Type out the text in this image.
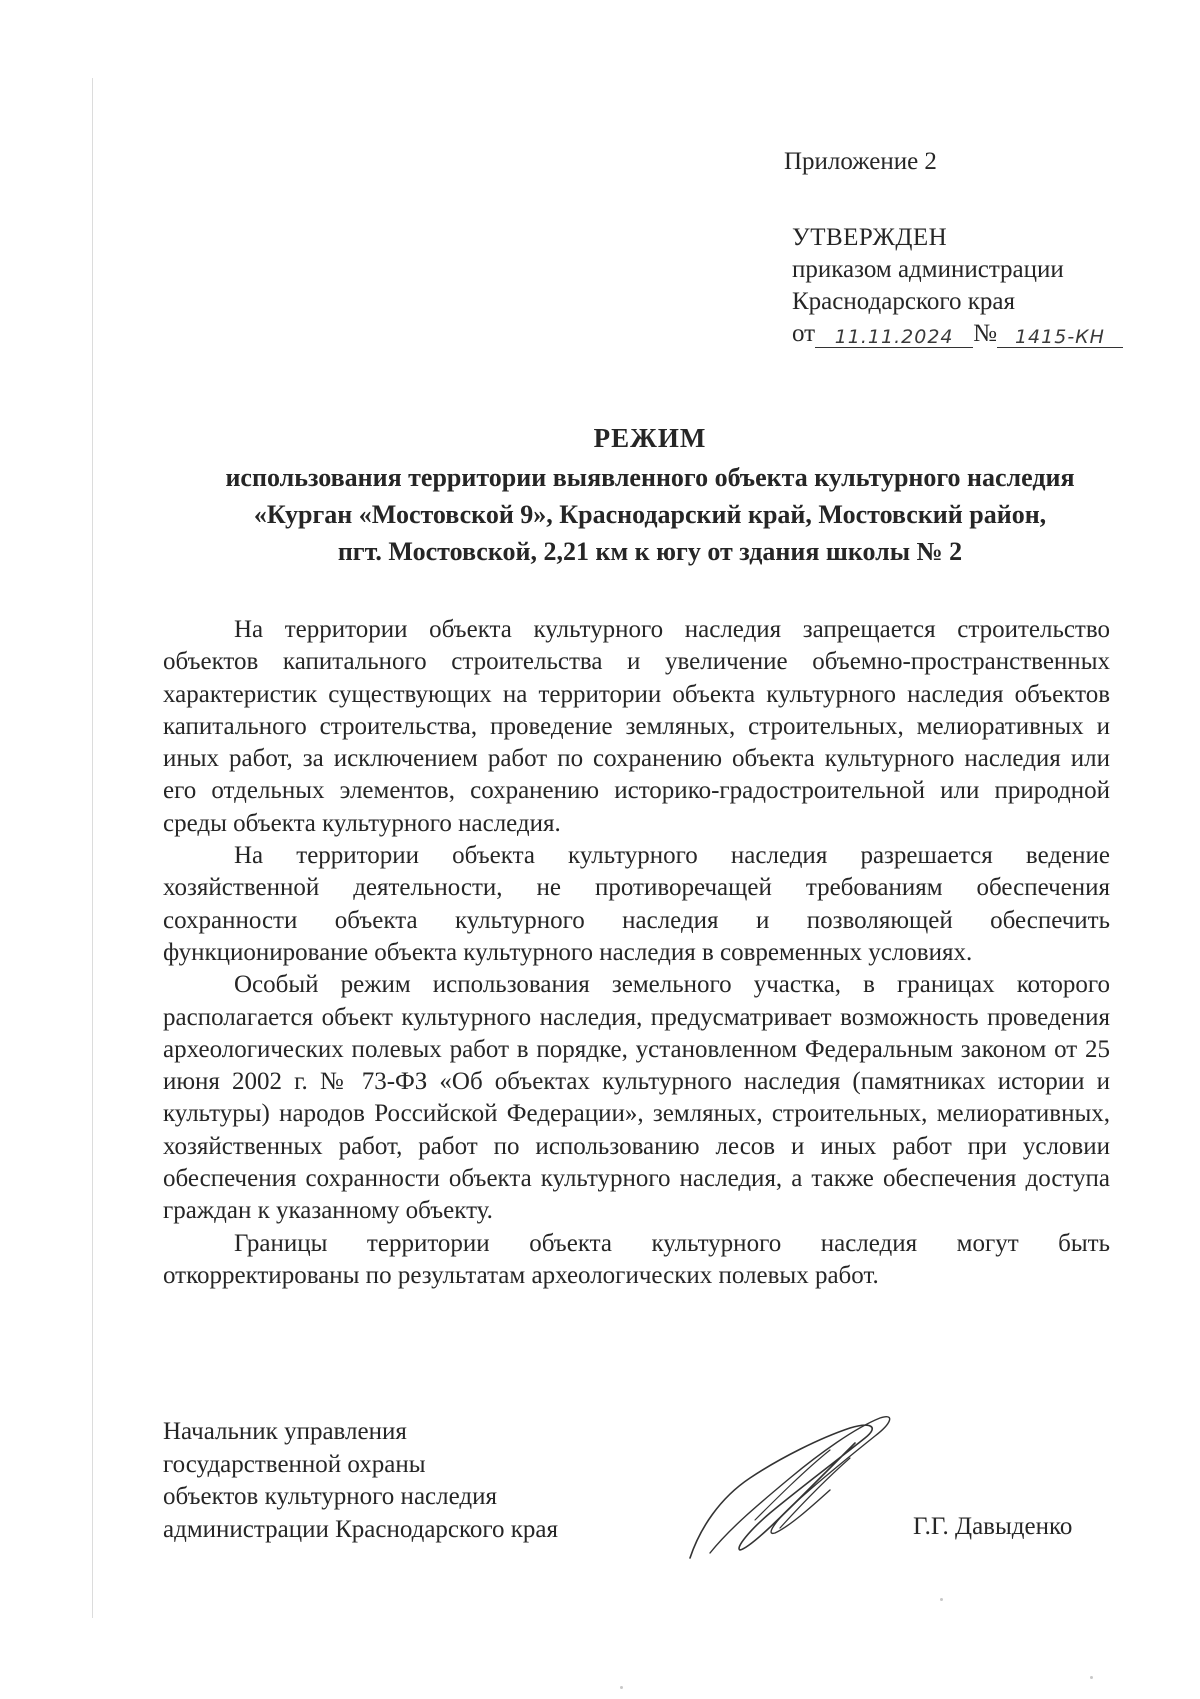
Приложение 2
УТВЕРЖДЕН
приказом администрации
Краснодарского края
от	11.11.2024 № 1415-КН
РЕЖИМ
использования территории выявленного объекта культурного наследия
«Курган «Мостовской 9», Краснодарский край, Мостовский район,
пгт. Мостовской, 2,21 км к югу от здания школы № 2

На территории объекта культурного наследия запрещается строительство объектов капитального строительства и увеличение объемно-пространственных характеристик существующих на территории объекта культурного наследия объектов капитального строительства, проведение земляных, строительных, мелиоративных и иных работ, за исключением работ по сохранению объекта культурного наследия или его отдельных элементов, сохранению историко-градостроительной или природной среды объекта культурного наследия.

На территории объекта культурного наследия разрешается ведение хозяйственной деятельности, не противоречащей требованиям обеспечения сохранности объекта культурного наследия и позволяющей обеспечить функционирование объекта культурного наследия в современных условиях.

Особый режим использования земельного участка, в границах которого располагается объект культурного наследия, предусматривает возможность проведения археологических полевых работ в порядке, установленном Федеральным законом от 25 июня 2002 г. № 73-ФЗ «Об объектах культурного наследия (памятниках истории и культуры) народов Российской Федерации», земляных, строительных, мелиоративных, хозяйственных работ, работ по использованию лесов и иных работ при условии обеспечения сохранности объекта культурного наследия, а также обеспечения доступа граждан к указанному объекту.

Границы территории объекта культурного наследия могут быть откорректированы по результатам археологических полевых работ.

Начальник управления
государственной охраны
объектов культурного наследия
администрации Краснодарского края	Г.Г. Давыденко
